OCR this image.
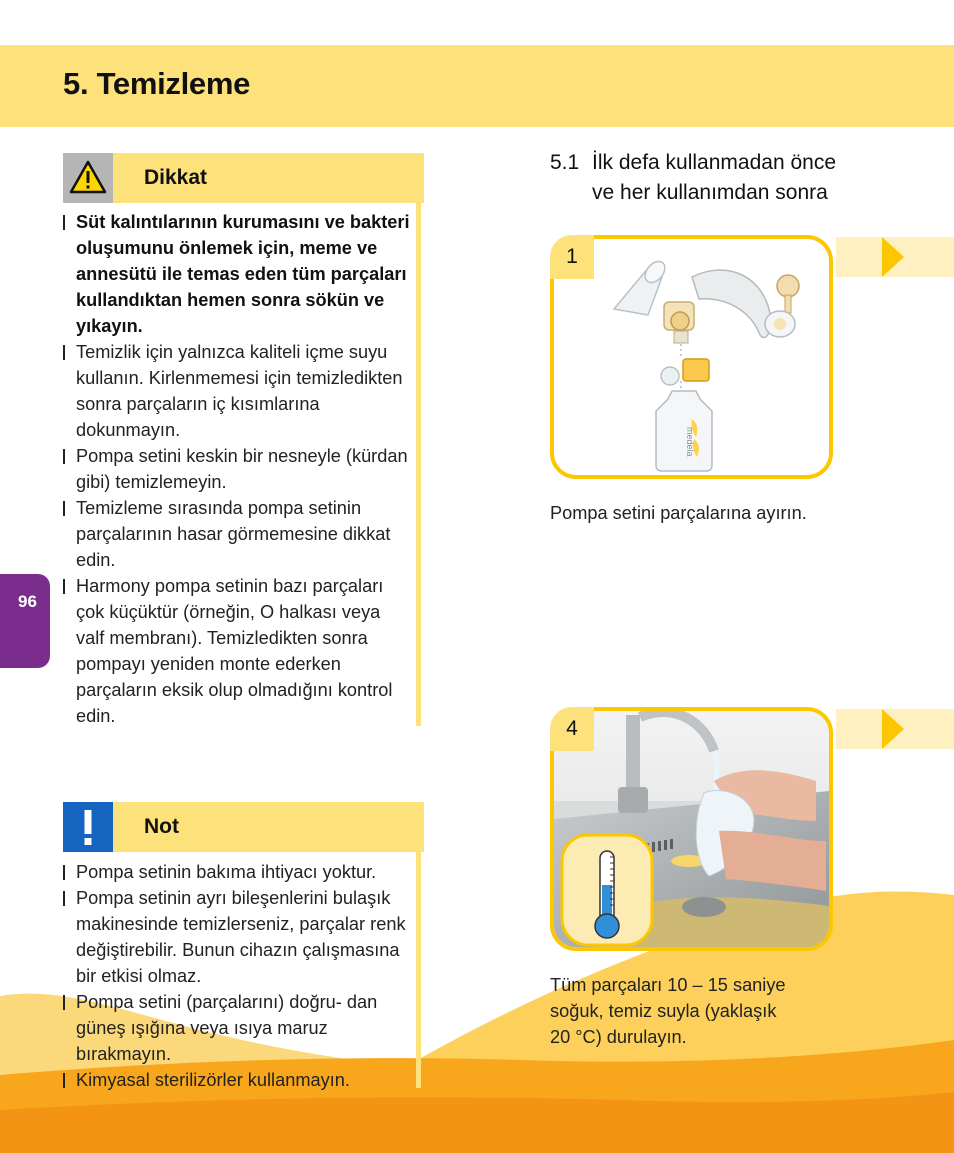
5. Temizleme
96
Dikkat
Süt kalıntılarının kurumasını ve bakteri oluşumunu önlemek için, meme ve annesütü ile temas eden tüm parçaları kullandıktan hemen sonra sökün ve yıkayın.
Temizlik için yalnızca kaliteli içme suyu kullanın. Kirlenmemesi için temizledikten sonra parçaların iç kısımlarına dokunmayın.
Pompa setini keskin bir nesneyle (kürdan gibi) temizlemeyin.
Temizleme sırasında pompa setinin parçalarının hasar görmemesine dikkat edin.
Harmony pompa setinin bazı parçaları çok küçüktür (örneğin, O halkası veya valf membranı). Temizledikten sonra pompayı yeniden monte ederken parçaların eksik olup olmadığını kontrol edin.
Not
Pompa setinin bakıma ihtiyacı yoktur.
Pompa setinin ayrı bileşenlerini bulaşık makinesinde temizlerseniz, parçalar renk değiştirebilir. Bunun cihazın çalışmasına bir etkisi olmaz.
Pompa setini (parçalarını) doğru- dan güneş ışığına veya ısıya maruz bırakmayın.
Kimyasal sterilizörler kullanmayın.
5.1 İlk defa kullanmadan önce
ve her kullanımdan sonra
medela
1
Pompa setini parçalarına ayırın.
4
Tüm parçaları 10 – 15 saniye
soğuk, temiz suyla (yaklaşık
20 °C) durulayın.
